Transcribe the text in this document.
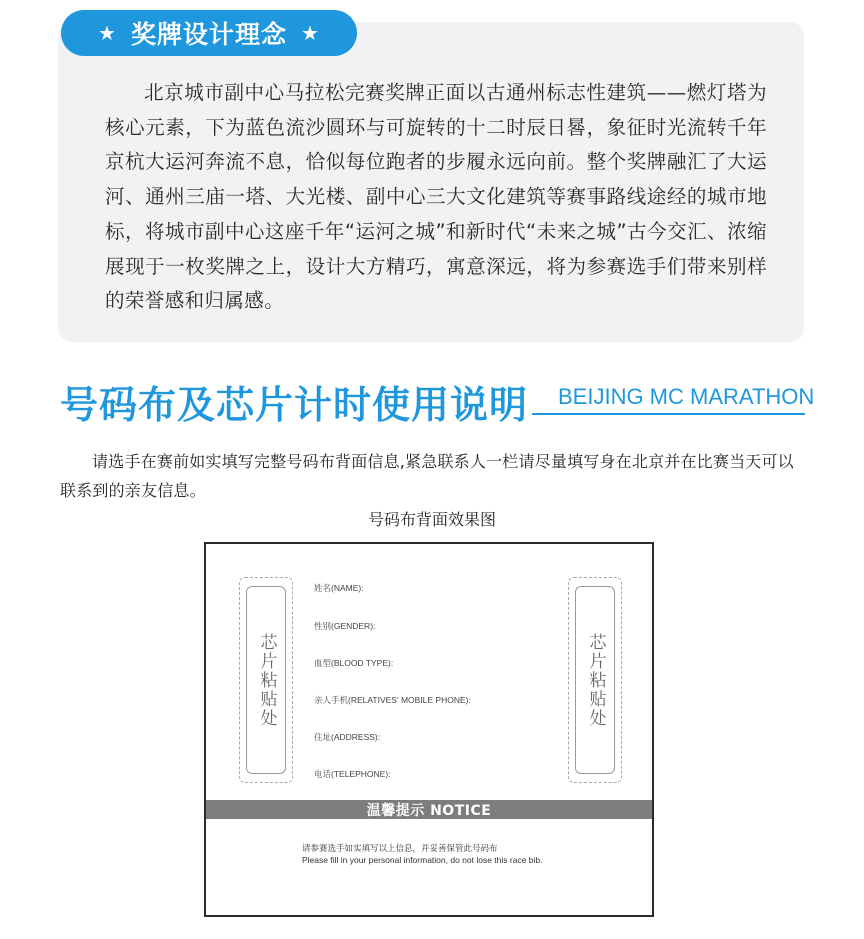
★ 奖牌设计理念 ★

北京城市副中心马拉松完赛奖牌正面以古通州标志性建筑——燃灯塔为核心元素，下为蓝色流沙圆环与可旋转的十二时辰日晷，象征时光流转千年京杭大运河奔流不息，恰似每位跑者的步履永远向前。整个奖牌融汇了大运河、通州三庙一塔、大光楼、副中心三大文化建筑等赛事路线途经的城市地标，将城市副中心这座千年“运河之城”和新时代“未来之城”古今交汇、浓缩展现于一枚奖牌之上，设计大方精巧，寓意深远，将为参赛选手们带来别样的荣誉感和归属感。

号码布及芯片计时使用说明 BEIJING MC MARATHON

请选手在赛前如实填写完整号码布背面信息,紧急联系人一栏请尽量填写身在北京并在比赛当天可以联系到的亲友信息。

号码布背面效果图
芯片粘贴处	芯片粘贴处
姓名(NAME):
性别(GENDER):
血型(BLOOD TYPE):
亲人手机(RELATIVES' MOBILE PHONE):
住址(ADDRESS):
电话(TELEPHONE):
温馨提示 NOTICE
请参赛选手如实填写以上信息，并妥善保管此号码布
Please fill in your personal information, do not lose this race bib.
